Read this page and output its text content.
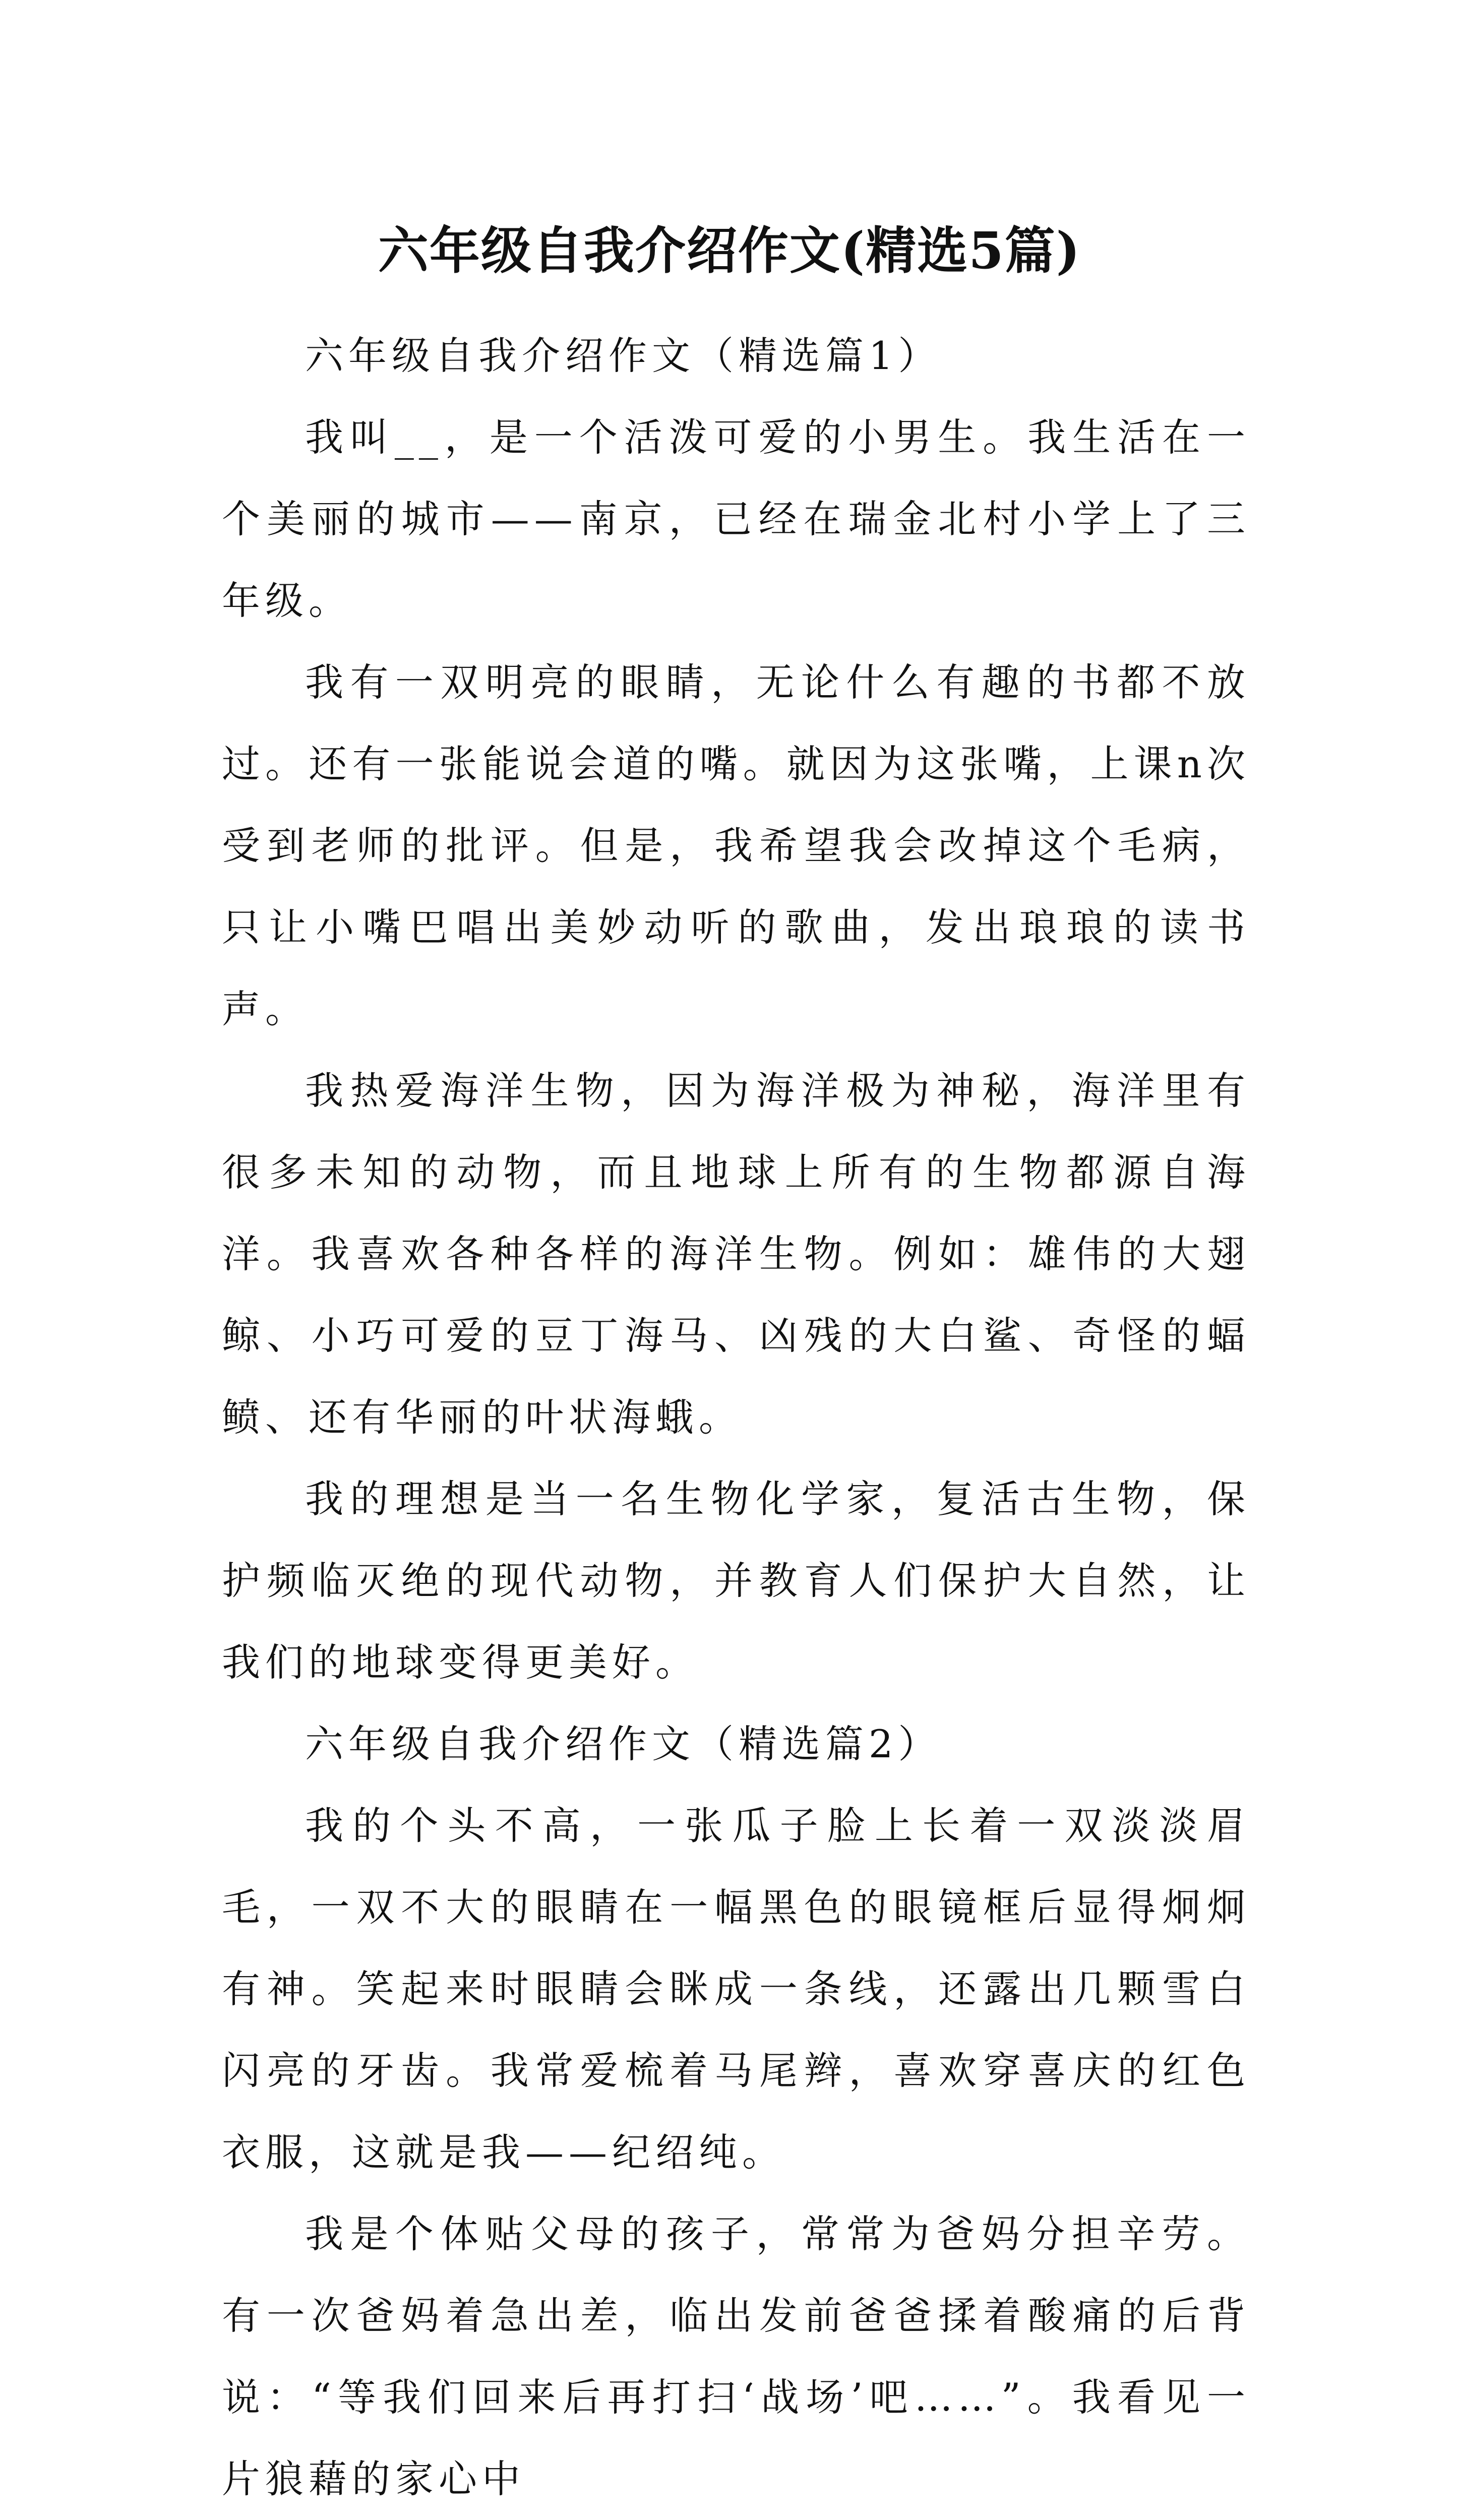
六年级自我介绍作文(精选5篇)

六年级自我介绍作文（精选篇1）

我叫__，是一个活泼可爱的小男生。我生活在一个美丽的城市——南京，已经在瑞金北村小学上了三年级。

我有一双明亮的眼睛，无论什么有趣的书都不放过。还有一张能说会道的嘴。就因为这张嘴，上课n次受到老师的批评。但是，我希望我会改掉这个毛病，只让小嘴巴唱出美妙动听的歌曲，发出琅琅的读书声。

我热爱海洋生物，因为海洋极为神秘，海洋里有很多未知的动物，而且地球上所有的生物都源自海洋。我喜欢各种各样的海洋生物。例如：雄伟的大翅鲸、小巧可爱的豆丁海马、凶残的大白鲨、奇怪的蝠鲼、还有华丽的叶状海蛾。

我的理想是当一名生物化学家，复活古生物，保护频临灭绝的现代动物，并教育人们保护大自然，让我们的地球变得更美好。

六年级自我介绍作文（精选篇2）

我的个头不高，一张瓜子脸上长着一双淡淡眉毛，一双不大的眼睛在一幅黑色的眼镜框后显得炯炯有神。笑起来时眼睛会眯成一条线，还露出几颗雪白闪亮的牙齿。我常爱梳着马尾辫，喜欢穿喜庆的红色衣服，这就是我——纪绍纯。

我是个体贴父母的孩子，常常为爸妈分担辛劳。有一次爸妈着急出差，临出发前爸爸揉着酸痛的后背说：“等我们回来后再打扫‘战场’吧……”。我看见一片狼藉的家心中
